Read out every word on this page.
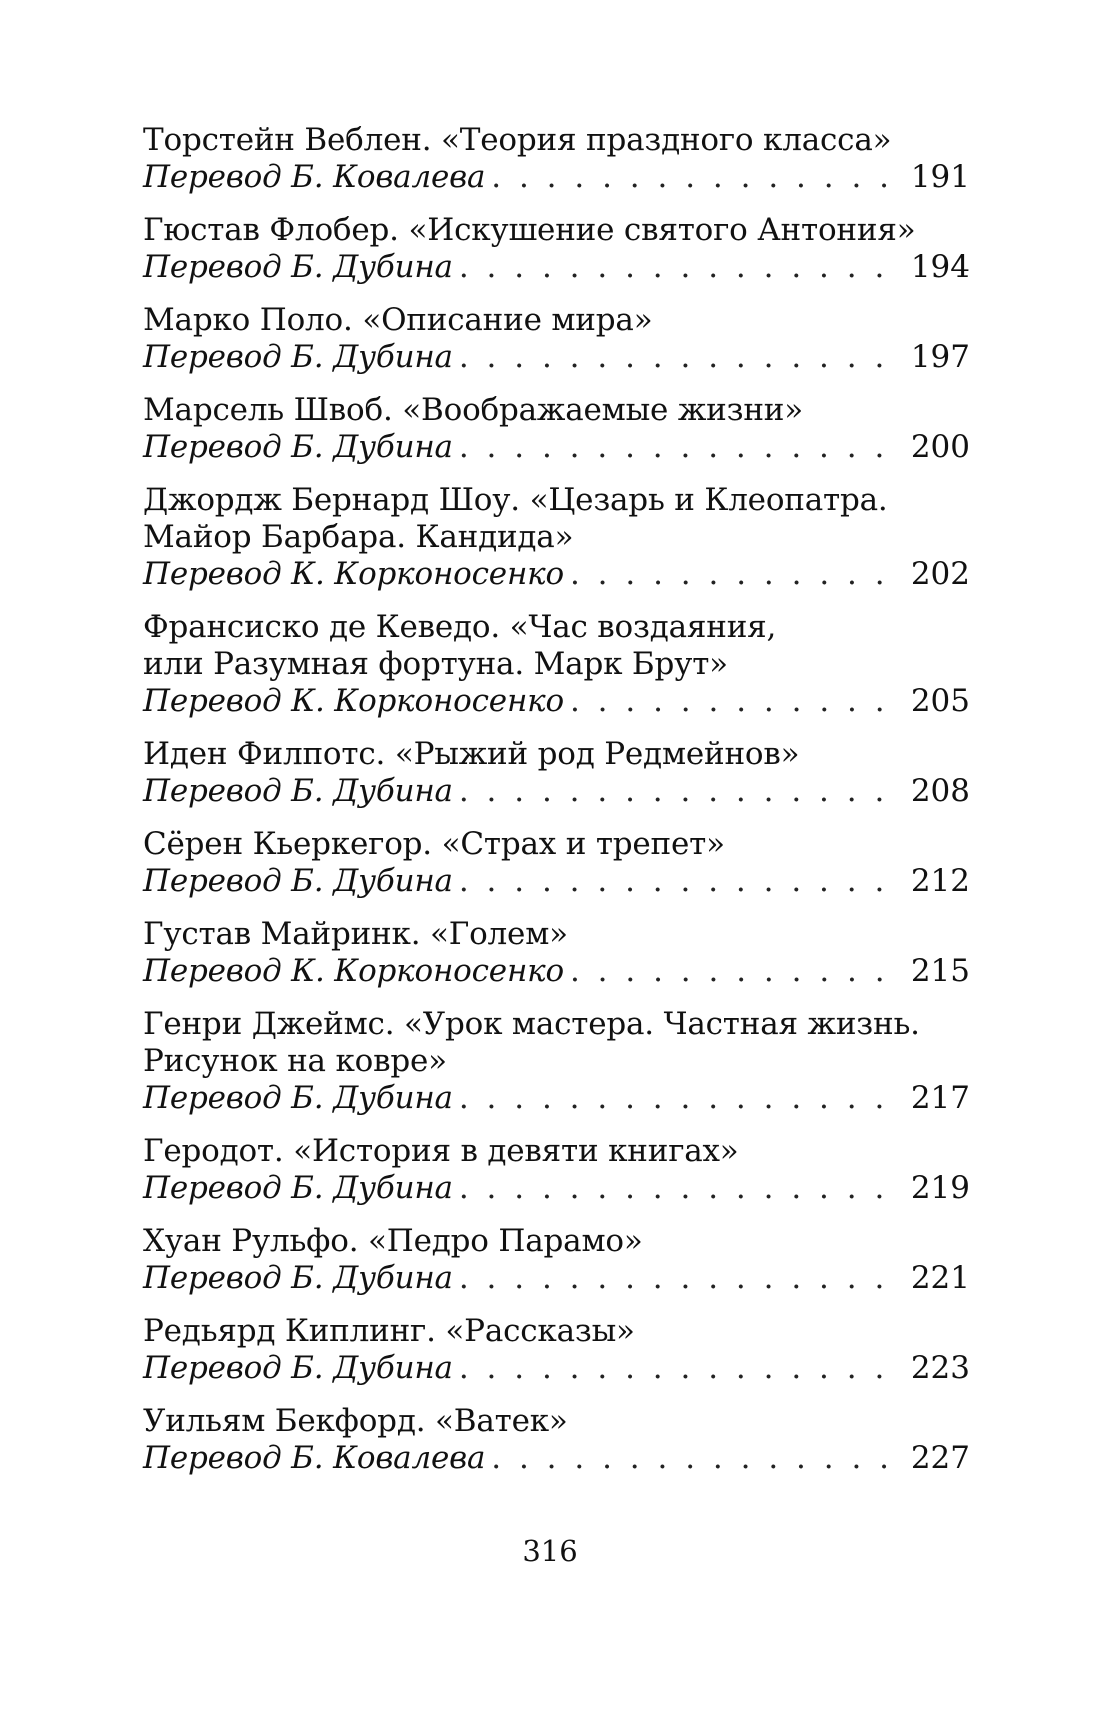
Торстейн Веблен. «Теория праздного класса»
Перевод Б. Ковалева . . .	191
Гюстав Флобер. «Искушение святого Антония»
Перевод Б. Дубина . . .	194
Марко Поло. «Описание мира»
Перевод Б. Дубина . . .	197
Марсель Швоб. «Воображаемые жизни»
Перевод Б. Дубина . . .	200
Джордж Бернард Шоу. «Цезарь и Клеопатра.
Майор Барбара. Кандида»
Перевод К. Корконосенко . . .	202
Франсиско де Кеведо. «Час воздаяния,
или Разумная фортуна. Марк Брут»
Перевод К. Корконосенко . . .	205
Иден Филпотс. «Рыжий род Редмейнов»
Перевод Б. Дубина . . .	208
Сёрен Кьеркегор. «Страх и трепет»
Перевод Б. Дубина . . .	212
Густав Майринк. «Голем»
Перевод К. Корконосенко . . .	215
Генри Джеймс. «Урок мастера. Частная жизнь.
Рисунок на ковре»
Перевод Б. Дубина . . .	217
Геродот. «История в девяти книгах»
Перевод Б. Дубина . . .	219
Хуан Рульфо. «Педро Парамо»
Перевод Б. Дубина . . .	221
Редьярд Киплинг. «Рассказы»
Перевод Б. Дубина . . .	223
Уильям Бекфорд. «Ватек»
Перевод Б. Ковалева . . .	227
316
